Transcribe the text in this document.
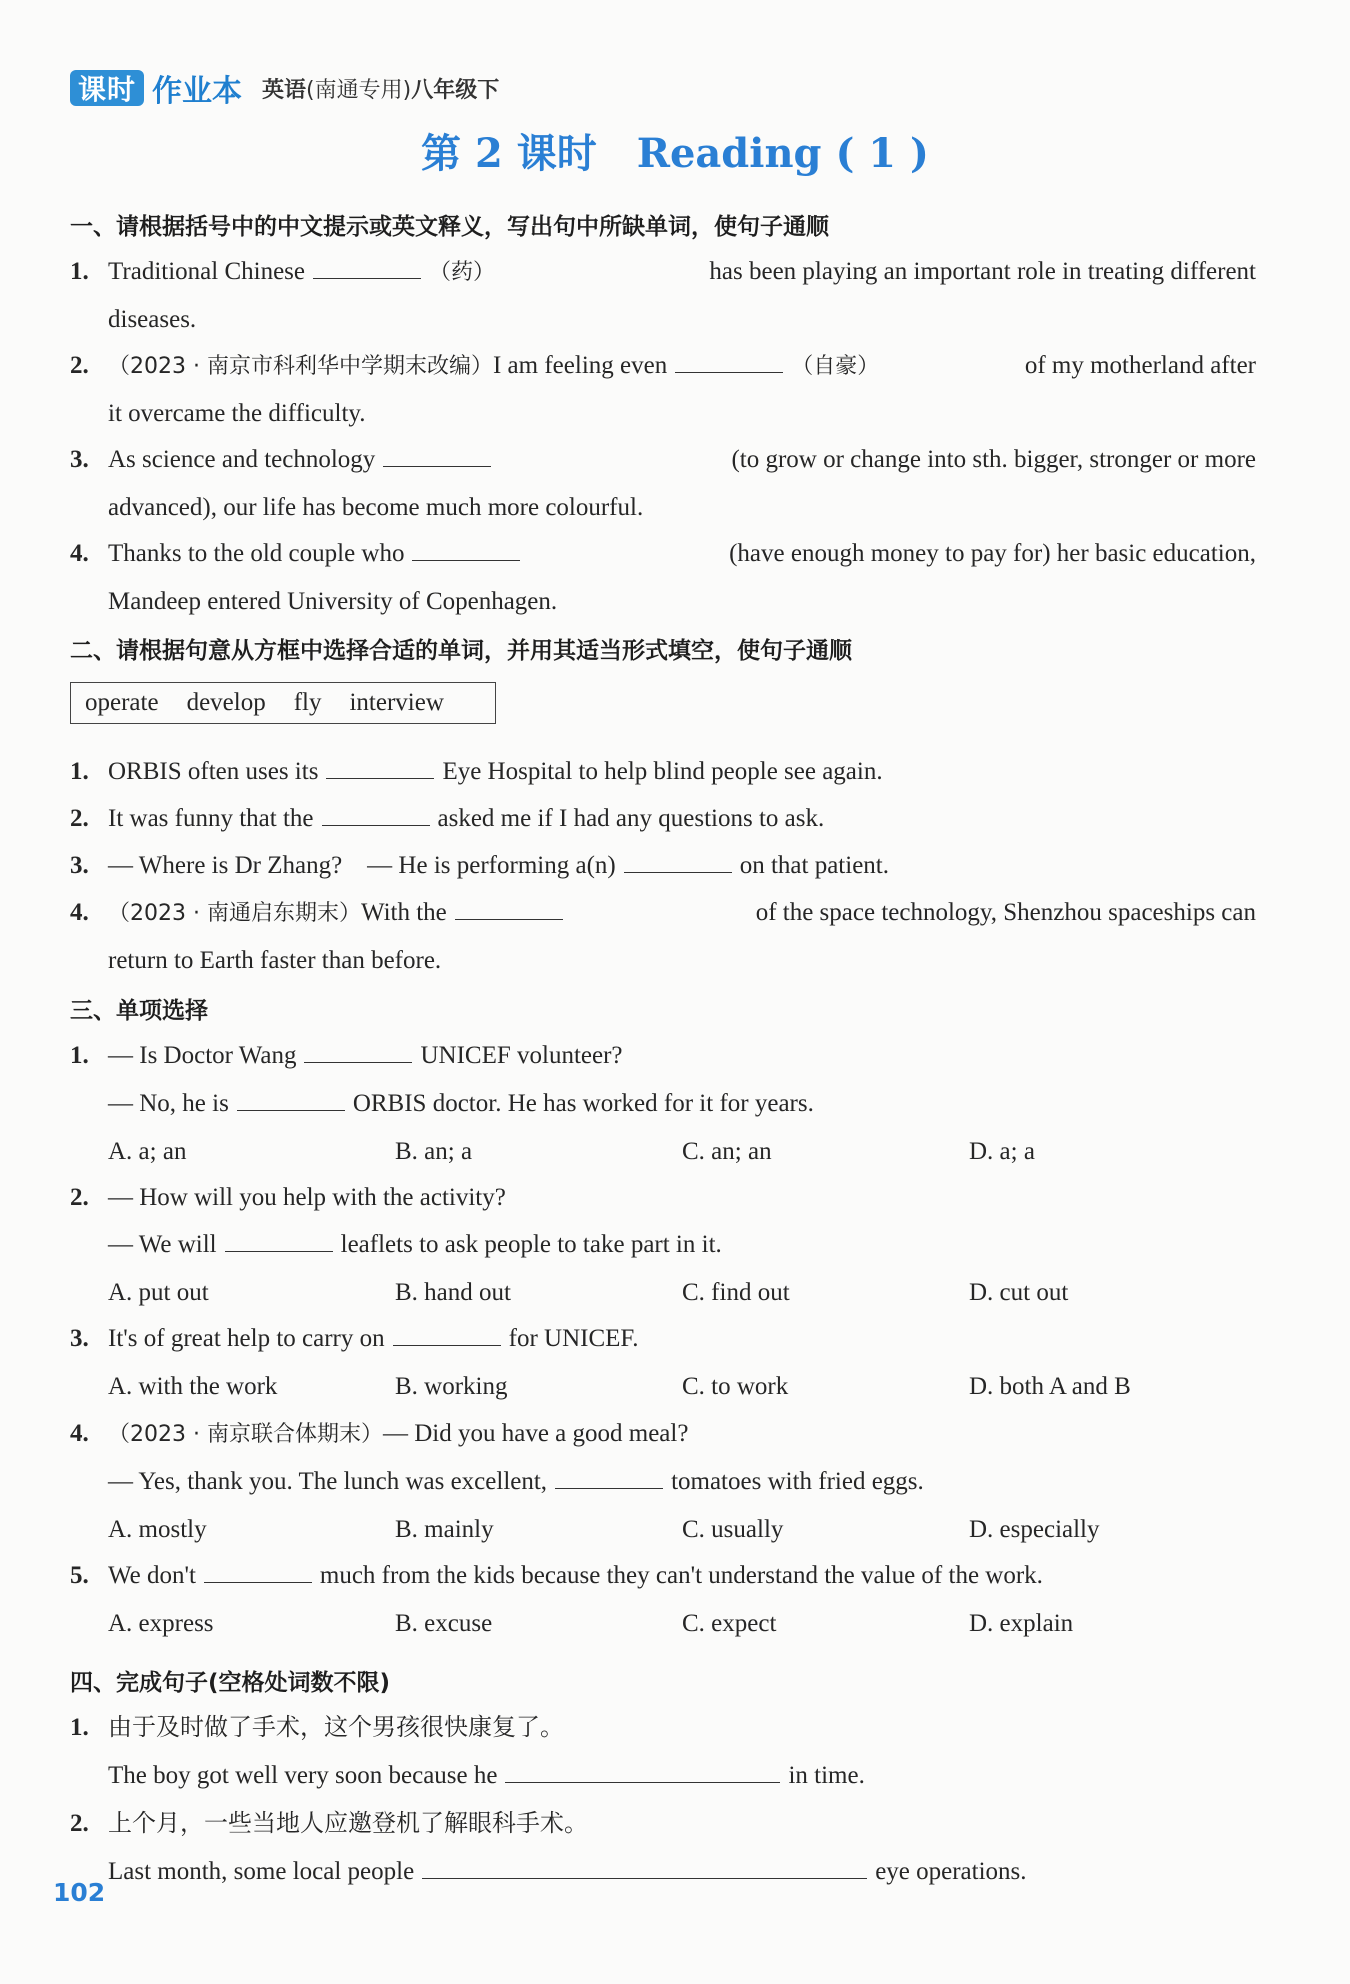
课时 作业本 英语(南通专用)八年级下
第 2 课时　Reading ( 1 )
一、请根据括号中的中文提示或英文释义，写出句中所缺单词，使句子通顺
1. Traditional Chinese	（药）	has been playing an important role in treating different
diseases.
2. （2023 · 南京市科利华中学期末改编）I am feeling even	（自豪）	of my motherland after
it overcame the difficulty.
3. As science and technology	(to grow or change into sth. bigger, stronger or more
advanced), our life has become much more colourful.
4. Thanks to the old couple who	(have enough money to pay for) her basic education,
Mandeep entered University of Copenhagen.
二、请根据句意从方框中选择合适的单词，并用其适当形式填空，使句子通顺
operate develop fly interview
1. ORBIS often uses its	Eye Hospital to help blind people see again.
2. It was funny that the	asked me if I had any questions to ask.
3. — Where is Dr Zhang?　— He is performing a(n)	on that patient.
4. （2023 · 南通启东期末）With the	of the space technology, Shenzhou spaceships can
return to Earth faster than before.
三、单项选择
1. — Is Doctor Wang	UNICEF volunteer?
— No, he is	ORBIS doctor. He has worked for it for years.
A. a; an	B. an; a	C. an; an	D. a; a
2. — How will you help with the activity?
— We will	leaflets to ask people to take part in it.
A. put out	B. hand out	C. find out	D. cut out
3. It's of great help to carry on	for UNICEF.
A. with the work	B. working	C. to work	D. both A and B
4. （2023 · 南京联合体期末）— Did you have a good meal?
— Yes, thank you. The lunch was excellent,	tomatoes with fried eggs.
A. mostly	B. mainly	C. usually	D. especially
5. We don't	much from the kids because they can't understand the value of the work.
A. express	B. excuse	C. expect	D. explain
四、完成句子(空格处词数不限)
1. 由于及时做了手术，这个男孩很快康复了。
The boy got well very soon because he	in time.
2. 上个月，一些当地人应邀登机了解眼科手术。
Last month, some local people	eye operations.
102
